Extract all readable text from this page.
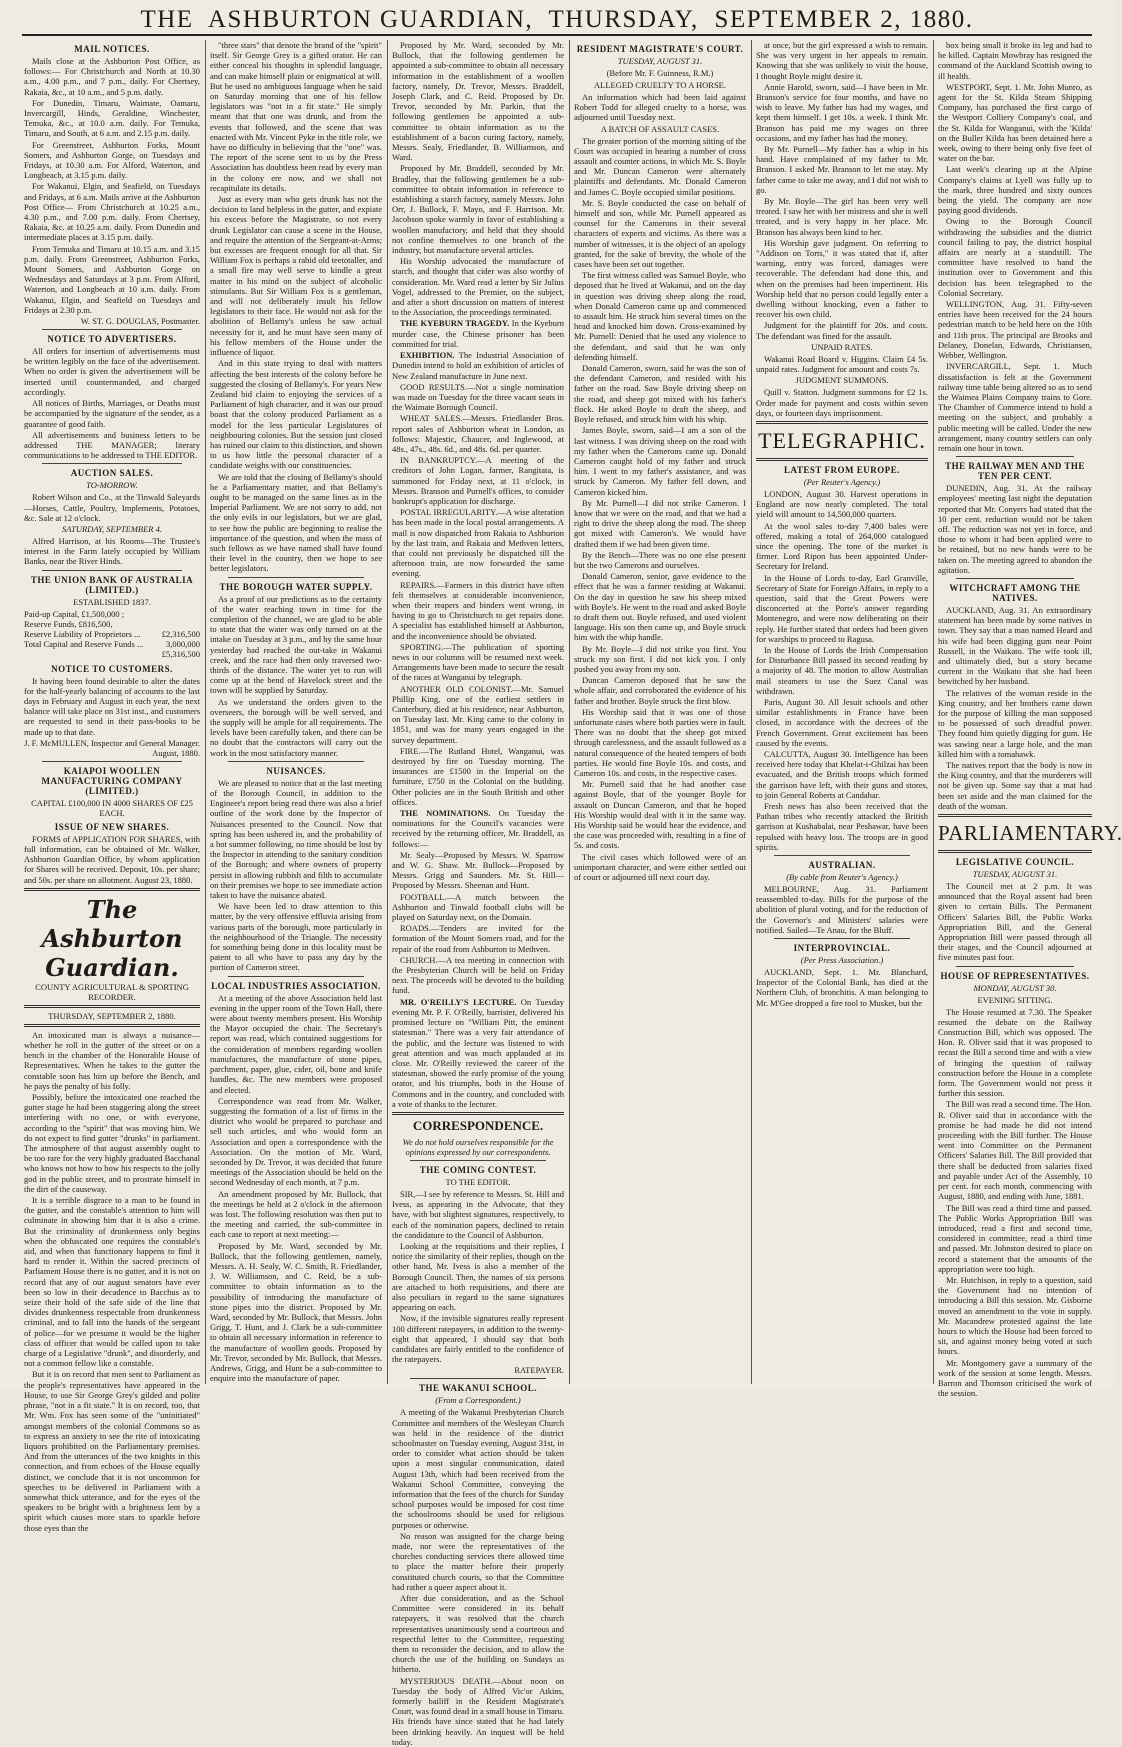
THE ASHBURTON GUARDIAN, THURSDAY, SEPTEMBER 2, 1880.
MAIL NOTICES.

Mails close at the Ashburton Post Office, as follows:— For Christchurch and North at 10.30 a.m., 4.00 p.m., and 7 p.m., daily. For Chertsey, Rakaia, &c., at 10 a.m., and 5 p.m. daily.

For Dunedin, Timaru, Waimate, Oamaru, Invercargill, Hinds, Geraldine, Winchester, Temuka, &c., at 10.0 a.m. daily. For Temuka, Timaru, and South, at 6 a.m. and 2.15 p.m. daily.

For Greenstreet, Ashburton Forks, Mount Somers, and Ashburton Gorge, on Tuesdays and Fridays, at 10.30 a.m. For Alford, Waterton, and Longbeach, at 3.15 p.m. daily.

For Wakanui, Elgin, and Seafield, on Tuesdays and Fridays, at 6 a.m. Mails arrive at the Ashburton Post Office— From Christchurch at 10.25 a.m., 4.30 p.m., and 7.00 p.m. daily. From Chertsey, Rakaia, &c. at 10.25 a.m. daily. From Dunedin and intermediate places at 3.15 p.m. daily.

From Temuka and Timaru at 10.15 a.m. and 3.15 p.m. daily. From Greenstreet, Ashburton Forks, Mount Somers, and Ashburton Gorge on Wednesdays and Saturdays at 3 p.m. From Alford, Waterton, and Longbeach at 10 a.m. daily. From Wakanui, Elgin, and Seafield on Tuesdays and Fridays at 2.30 p.m.

W. ST. G. DOUGLAS, Postmaster.
NOTICE TO ADVERTISERS.

All orders for insertion of advertisements must be written legibly on the face of the advertisement. When no order is given the advertisement will be inserted until countermanded, and charged accordingly.

All notices of Births, Marriages, or Deaths must be accompanied by the signature of the sender, as a guarantee of good faith.

All advertisements and business letters to be addressed THE MANAGER; literary communications to be addressed to THE EDITOR.

AUCTION SALES.
TO-MORROW.

Robert Wilson and Co., at the Tinwald Saleyards—Horses, Cattle, Poultry, Implements, Potatoes, &c. Sale at 12 o'clock.

SATURDAY, SEPTEMBER 4.

Alfred Harrison, at his Rooms—The Trustee's interest in the Farm lately occupied by William Banks, near the River Hinds.

THE UNION BANK OF AUSTRALIA (LIMITED.)
ESTABLISHED 1837.
Paid-up Capital, £1,500,000 ;	
Reserve Funds, £816,500,	
Reserve Liability of Proprietors ...	£2,316,500

Total Capital and Reserve Funds ...	3,000,000
	£5,316,500
NOTICE TO CUSTOMERS.

It having been found desirable to alter the dates for the half-yearly balancing of accounts to the last days in February and August in each year, the next balance will take place on 31st inst., and customers are requested to send in their pass-books to be made up to that date.

J. F. McMULLEN, Inspector and General Manager. August, 1880.
KAIAPOI WOOLLEN MANUFACTURING COMPANY (LIMITED.)
CAPITAL £100,000 IN 4000 SHARES OF £25 EACH.
ISSUE OF NEW SHARES.

FORMS of APPLICATION FOR SHARES, with full information, can be obtained of Mr. Walker, Ashburton Guardian Office, by whom application for Shares will be received. Deposit, 10s. per share; and 50s. per share on allotment. August 23, 1880.

The Ashburton Guardian.
COUNTY AGRICULTURAL & SPORTING RECORDER.
THURSDAY, SEPTEMBER 2, 1880.

An intoxicated man is always a nuisance—whether he roll in the gutter of the street or on a bench in the chamber of the Honorable House of Representatives. When he takes to the gutter the constable soon has him up before the Bench, and he pays the penalty of his folly.

Possibly, before the intoxicated one reached the gutter stage he had been staggering along the street interfering with no one, or with everyone, according to the "spirit" that was moving him. We do not expect to find gutter "drunks" in parliament. The atmosphere of that august assembly ought to be too rare for the very highly graduated Bacchanal who knows not how to bow his respects to the jolly god in the public street, and to prostrate himself in the dirt of the causeway.

It is a terrible disgrace to a man to be found in the gutter, and the constable's attention to him will culminate in showing him that it is also a crime. But the criminality of drunkenness only begins when the obfuscated one requires the constable's aid, and when that functionary happens to find it hard to render it. Within the sacred precincts of Parliament House there is no gutter, and it is not on record that any of our august senators have ever been so low in their decadence to Bacchus as to seize their hold of the safe side of the line that divides drunkenness respectable from drunkenness criminal, and to fall into the hands of the sergeant of police—for we presume it would be the higher class of officer that would be called upon to take charge of a Legislative "drunk", and disorderly, and not a common fellow like a constable.

But it is on record that men sent to Parliament as the people's representatives have appeared in the House, to use Sir George Grey's gilded and polite phrase, "not in a fit state." It is on record, too, that Mr. Wm. Fox has seen some of the "uninitiated" amongst members of the colonial Commons so as to express an anxiety to see the rite of intoxicating liquors prohibited on the Parliamentary premises. And from the utterances of the two knights in this connection, and from echoes of the House equally distinct, we conclude that it is not uncommon for speeches to be delivered in Parliament with a somewhat thick utterance, and for the eyes of the speakers to be bright with a brightness lent by a spirit which causes more stars to sparkle before those eyes than the

"three stars" that denote the brand of the "spirit" itself. Sir George Grey is a gifted orator. He can either conceal his thoughts in splendid language, and can make himself plain or enigmatical at will. But he used no ambiguous language when he said on Saturday morning that one of his fellow legislators was "not in a fit state." He simply meant that that one was drunk, and from the events that followed, and the scene that was enacted with Mr. Vincent Pyke in the title role, we have no difficulty in believing that the "one" was. The report of the scene sent to us by the Press Association has doubtless been read by every man in the colony ere now, and we shall not recapitulate its details.

Just as every man who gets drunk has not the decision to land helpless in the gutter, and expiate his excess before the Magistrate, so not every drunk Legislator can cause a scene in the House, and require the attention of the Sergeant-at-Arms; but excesses are frequent enough for all that. Sir William Fox is perhaps a rabid old teetotaller, and a small fire may well serve to kindle a great matter in his mind on the subject of alcoholic stimulants. But Sir William Fox is a gentleman, and will not deliberately insult his fellow legislators to their face. He would not ask for the abolition of Bellamy's unless he saw actual necessity for it, and he must have seen many of his fellow members of the House under the influence of liquor.

And in this state trying to deal with matters affecting the best interests of the colony before he suggested the closing of Bellamy's. For years New Zealand bid claim to enjoying the services of a Parliament of high character, and it was our proud boast that the colony produced Parliament as a model for the less particular Legislatures of neighbouring colonies. But the session just closed has ruined our claim to this distinction, and shown to us how little the personal character of a candidate weighs with our constituencies.

We are told that the closing of Bellamy's should be a Parliamentary matter, and that Bellamy's ought to be managed on the same lines as in the Imperial Parliament. We are not sorry to add, not the only evils in our legislators, but we are glad, to see how the public are beginning to realise the importance of the question, and when the mass of such fellows as we have named shall have found their level in the country, then we hope to see better legislators.

THE BOROUGH WATER SUPPLY.

As a proof of our predictions as to the certainty of the water reaching town in time for the completion of the channel, we are glad to be able to state that the water was only turned on at the intake on Tuesday at 3 p.m., and by the same hour yesterday had reached the out-take in Wakanui creek, and the race had then only traversed two-thirds of the distance. The water yet to run will come up at the bend of Havelock street and the town will be supplied by Saturday.

As we understand the orders given to the overseers, the borough will be well served, and the supply will be ample for all requirements. The levels have been carefully taken, and there can be no doubt that the contractors will carry out the work in the most satisfactory manner.

NUISANCES.

We are pleased to notice that at the last meeting of the Borough Council, in addition to the Engineer's report being read there was also a brief outline of the work done by the Inspector of Nuisances presented to the Council. Now that spring has been ushered in, and the probability of a hot summer following, no time should be lost by the Inspector in attending to the sanitary condition of the Borough; and where owners of property persist in allowing rubbish and filth to accumulate on their premises we hope to see immediate action taken to have the nuisance abated.

We have been led to draw attention to this matter, by the very offensive effluvia arising from various parts of the borough, more particularly in the neighbourhood of the Triangle. The necessity for something being done in this locality must be patent to all who have to pass any day by the portion of Cameron street.

LOCAL INDUSTRIES ASSOCIATION.

At a meeting of the above Association held last evening in the upper room of the Town Hall, there were about twenty members present. His Worship the Mayor occupied the chair. The Secretary's report was read, which contained suggestions for the consideration of members regarding woollen manufactures, the manufacture of stone pipes, parchment, paper, glue, cider, oil, bone and knife handles, &c. The new members were proposed and elected.

Correspondence was read from Mr. Walker, suggesting the formation of a list of firms in the district who would be prepared to purchase and sell such articles, and who would form an Association and open a correspondence with the Association. On the motion of Mr. Ward, seconded by Dr. Trevor, it was decided that future meetings of the Association should be held on the second Wednesday of each month, at 7 p.m.

An amendment proposed by Mr. Bullock, that the meetings be held at 2 o'clock in the afternoon was lost. The following resolution was then put to the meeting and carried, the sub-committee in each case to report at next meeting:—

Proposed by Mr. Ward, seconded by Mr. Bullock, that the following gentlemen, namely, Messrs. A. H. Sealy, W. C. Smith, R. Friedlander, J. W. Williamson, and C. Reid, be a sub-committee to obtain information as to the possibility of introducing the manufacture of stone pipes into the district. Proposed by Mr. Ward, seconded by Mr. Bullock, that Messrs. John Grigg, T. Hunt, and J. Clark be a sub-committee to obtain all necessary information in reference to the manufacture of woollen goods. Proposed by Mr. Trevor, seconded by Mr. Bullock, that Messrs. Andrews, Grigg, and Hunt be a sub-committee to enquire into the manufacture of paper.

Proposed by Mr. Ward, seconded by Mr. Bullock, that the following gentlemen be appointed a sub-committee to obtain all necessary information in the establishment of a woollen factory, namely, Dr. Trevor, Messrs. Braddell, Joseph Clark, and C. Reid. Proposed by Dr. Trevor, seconded by Mr. Parkin, that the following gentlemen be appointed a sub-committee to obtain information as to the establishment of a bacon curing factory, namely, Messrs. Sealy, Friedlander, B. Williamson, and Ward.

Proposed by Mr. Braddell, seconded by Mr. Bradley, that the following gentlemen be a sub-committee to obtain information in reference to establishing a starch factory, namely Messrs. John Orr, J. Bullock, F. Mayo, and F. Harrison. Mr. Jacobson spoke warmly in favor of establishing a woollen manufactory, and held that they should not confine themselves to one branch of the industry, but manufacture several articles.

His Worship advocated the manufacture of starch, and thought that cider was also worthy of consideration. Mr. Ward read a letter by Sir Julius Vogel, addressed to the Premier, on the subject, and after a short discussion on matters of interest to the Association, the proceedings terminated.

THE KYEBURN TRAGEDY. In the Kyeburn murder case, the Chinese prisoner has been committed for trial.

EXHIBITION. The Industrial Association of Dunedin intend to hold an exhibition of articles of New Zealand manufacture in June next.

GOOD RESULTS.—Not a single nomination was made on Tuesday for the three vacant seats in the Waimate Borough Council.

WHEAT SALES.—Messrs. Friedlander Bros. report sales of Ashburton wheat in London, as follows: Majestic, Chaucer, and Inglewood, at 48s., 47s., 48s. 6d., and 48s. 6d. per quarter.

IN BANKRUPTCY.—A meeting of the creditors of John Logan, farmer, Rangitata, is summoned for Friday next, at 11 o'clock, in Messrs. Branson and Purnell's offices, to consider bankrupt's application for discharge.

POSTAL IRREGULARITY.—A wise alteration has been made in the local postal arrangements. A mail is now dispatched from Rakaia to Ashburton by the last train, and Rakaia and Methven letters, that could not previously be dispatched till the afternoon train, are now forwarded the same evening.

REPAIRS.—Farmers in this district have often felt themselves at considerable inconvenience, when their reapers and binders went wrong, in having to go to Christchurch to get repairs done. A specialist has established himself at Ashburton, and the inconvenience should be obviated.

SPORTING.—The publication of sporting news in our columns will be resumed next week. Arrangements have been made to secure the result of the races at Wanganui by telegraph.

ANOTHER OLD COLONIST.—Mr. Samuel Phillip King, one of the earliest settlers in Canterbury, died at his residence, near Ashburton, on Tuesday last. Mr. King came to the colony in 1851, and was for many years engaged in the survey department.

FIRE.—The Rutland Hotel, Wanganui, was destroyed by fire on Tuesday morning. The insurances are £1500 in the Imperial on the furniture, £750 in the Colonial on the building. Other policies are in the South British and other offices.

THE NOMINATIONS. On Tuesday the nominations for the Council's vacancies were received by the returning officer, Mr. Braddell, as follows:—

Mr. Sealy—Proposed by Messrs. W. Sparrow and W. G. Shaw. Mr. Bullock—Proposed by Messrs. Grigg and Saunders. Mr. St. Hill—Proposed by Messrs. Sheenan and Hunt.

FOOTBALL.—A match between the Ashburton and Tinwald football clubs will be played on Saturday next, on the Domain.

ROADS.—Tenders are invited for the formation of the Mount Somers road, and for the repair of the road from Ashburton to Methven.

CHURCH.—A tea meeting in connection with the Presbyterian Church will be held on Friday next. The proceeds will be devoted to the building fund.

MR. O'REILLY'S LECTURE. On Tuesday evening Mr. P. F. O'Reilly, barrister, delivered his promised lecture on "William Pitt, the eminent statesman." There was a very fair attendance of the public, and the lecture was listened to with great attention and was much applauded at its close. Mr. O'Reilly reviewed the career of the statesman, showed the early promise of the young orator, and his triumphs, both in the House of Commons and in the country, and concluded with a vote of thanks to the lecturer.

CORRESPONDENCE.
We do not hold ourselves responsible for the opinions expressed by our correspondents.
THE COMING CONTEST.
TO THE EDITOR.

SIR,—I see by reference to Messrs. St. Hill and Ivess, as appearing in the Advocate, that they have, with but slightest signatures, respectively, to each of the nomination papers, declined to retain the candidature to the Council of Ashburton.

Looking at the requisitions and their replies, I notice the similarity of their replies, though on the other hand, Mr. Ivess is also a member of the Borough Council. Then, the names of six persons are attached to both requisitions, and there are also peculiars in regard to the same signatures appearing on each.

Now, if the invisible signatures really represent 100 different ratepayers, in addition to the twenty-eight that appeared, I should say that both candidates are fairly entitled to the confidence of the ratepayers.

RATEPAYER.
THE WAKANUI SCHOOL.
(From a Correspondent.)

A meeting of the Wakanui Presbyterian Church Committee and members of the Wesleyan Church was held in the residence of the district schoolmaster on Tuesday evening, August 31st, in order to consider what action should be taken upon a most singular communication, dated August 13th, which had been received from the Wakanui School Committee, conveying the information that the fees of the church for Sunday school purposes would be imposed for cost time the schoolrooms should be used for religious purposes or otherwise.

No reason was assigned for the charge being made, nor were the representatives of the churches conducting services there allowed time to place the matter before their properly constituted church courts, so that the Committee had rather a queer aspect about it.

After due consideration, and as the School Committee were considered in its behalf ratepayers, it was resolved that the church representatives unanimously send a courteous and respectful letter to the Committee, requesting them to reconsider the decision, and to allow the church the use of the building on Sundays as hitherto.

MYSTERIOUS DEATH.—About noon on Tuesday the body of Alfred Vic'or Atkins, formerly bailiff in the Resident Magistrate's Court, was found dead in a small house in Timaru. His friends have since stated that he had lately been drinking heavily. An inquest will be held today.

RESIDENT MAGISTRATE'S COURT.
TUESDAY, AUGUST 31.
(Before Mr. F. Guinness, R.M.)
ALLEGED CRUELTY TO A HORSE.

An information which had been laid against Robert Todd for alleged cruelty to a horse, was adjourned until Tuesday next.

A BATCH OF ASSAULT CASES.

The greater portion of the morning sitting of the Court was occupied in hearing a number of cross assault and counter actions, in which Mr. S. Boyle and Mr. Duncan Cameron were alternately plaintiffs and defendants. Mr. Donald Cameron and James C. Boyle occupied similar positions.

Mr. S. Boyle conducted the case on behalf of himself and son, while Mr. Purnell appeared as counsel for the Camerons in their several characters of experts and victims. As there was a number of witnesses, it is the object of an apology granted, for the sake of brevity, the whole of the cases have been set out together.

The first witness called was Samuel Boyle, who deposed that he lived at Wakanui, and on the day in question was driving sheep along the road, when Donald Cameron came up and commenced to assault him. He struck him several times on the head and knocked him down. Cross-examined by Mr. Purnell: Denied that he used any violence to the defendant, and said that he was only defending himself.

Donald Cameron, sworn, said he was the son of the defendant Cameron, and resided with his father on the road. Saw Boyle driving sheep on the road, and sheep got mixed with his father's flock. He asked Boyle to draft the sheep, and Boyle refused, and struck him with his whip.

James Boyle, sworn, said—I am a son of the last witness. I was driving sheep on the road with my father when the Camerons came up. Donald Cameron caught hold of my father and struck him. I went to my father's assistance, and was struck by Cameron. My father fell down, and Cameron kicked him.

By Mr. Purnell—I did not strike Cameron. I know that we were on the road, and that we had a right to drive the sheep along the road. The sheep got mixed with Cameron's. We would have drafted them if we had been given time.

By the Bench—There was no one else present but the two Camerons and ourselves.

Donald Cameron, senior, gave evidence to the effect that he was a farmer residing at Wakanui. On the day in question he saw his sheep mixed with Boyle's. He went to the road and asked Boyle to draft them out. Boyle refused, and used violent language. His son then came up, and Boyle struck him with the whip handle.

By Mr. Boyle—I did not strike you first. You struck my son first. I did not kick you. I only pushed you away from my son.

Duncan Cameron deposed that he saw the whole affair, and corroborated the evidence of his father and brother. Boyle struck the first blow.

His Worship said that it was one of those unfortunate cases where both parties were in fault. There was no doubt that the sheep got mixed through carelessness, and the assault followed as a natural consequence of the heated tempers of both parties. He would fine Boyle 10s. and costs, and Cameron 10s. and costs, in the respective cases.

Mr. Purnell said that he had another case against Boyle, that of the younger Boyle for assault on Duncan Cameron, and that he hoped His Worship would deal with it in the same way. His Worship said he would hear the evidence, and the case was proceeded with, resulting in a fine of 5s. and costs.

The civil cases which followed were of an unimportant character, and were either settled out of court or adjourned till next court day.

at once, but the girl expressed a wish to remain. She was very urgent in her appeals to remain. Knowing that she was unlikely to visit the house, I thought Boyle might desire it.

Annie Harold, sworn, said—I have been in Mr. Branson's service for four months, and have no wish to leave. My father has had my wages, and kept them himself. I get 10s. a week. I think Mr. Branson has paid me my wages on three occasions, and my father has had the money.

By Mr. Purnell—My father has a whip in his hand. Have complained of my father to Mr. Branson. I asked Mr. Branson to let me stay. My father came to take me away, and I did not wish to go.

By Mr. Boyle—The girl has been very well treated. I saw her with her mistress and she is well treated, and is very happy in her place. Mr. Branson has always been kind to her.

His Worship gave judgment. On referring to "Addison on Torts," it was stated that if, after warning, entry was forced, damages were recoverable. The defendant had done this, and when on the premises had been impertinent. His Worship held that no person could legally enter a dwelling without knocking, even a father to recover his own child.

Judgment for the plaintiff for 20s. and costs. The defendant was fined for the assault.

UNPAID RATES.

Wakanui Road Board v. Higgins. Claim £4 5s. unpaid rates. Judgment for amount and costs 7s.

JUDGMENT SUMMONS.

Quill v. Statton. Judgment summons for £2 1s. Order made for payment and costs within seven days, or fourteen days imprisonment.

TELEGRAPHIC.
LATEST FROM EUROPE.
(Per Reuter's Agency.)

LONDON, August 30. Harvest operations in England are now nearly completed. The total yield will amount to 14,500,000 quarters.

At the wool sales to-day 7,400 bales were offered, making a total of 264,000 catalogued since the opening. The tone of the market is firmer. Lord Ripon has been appointed Under-Secretary for Ireland.

In the House of Lords to-day, Earl Granville, Secretary of State for Foreign Affairs, in reply to a question, said that the Great Powers were disconcerted at the Porte's answer regarding Montenegro, and were now deliberating on their reply. He further stated that orders had been given for warships to proceed to Ragusa.

In the House of Lords the Irish Compensation for Disturbance Bill passed its second reading by a majority of 48. The motion to allow Australian mail steamers to use the Suez Canal was withdrawn.

Paris, August 30. All Jesuit schools and other similar establishments in France have been closed, in accordance with the decrees of the French Government. Great excitement has been caused by the events.

CALCUTTA, August 30. Intelligence has been received here today that Khelat-i-Ghilzai has been evacuated, and the British troops which formed the garrison have left, with their guns and stores, to join General Roberts at Candahar.

Fresh news has also been received that the Pathan tribes who recently attacked the British garrison at Kushabalai, near Peshawar, have been repulsed with heavy loss. The troops are in good spirits.

AUSTRALIAN.
(By cable from Reuter's Agency.)

MELBOURNE, Aug. 31. Parliament reassembled to-day. Bills for the purpose of the abolition of plural voting, and for the reduction of the Governor's and Ministers' salaries were notified. Sailed—Te Anau, for the Bluff.

INTERPROVINCIAL.
(Per Press Association.)

AUCKLAND, Sept. 1. Mr. Blanchard, Inspector of the Colonial Bank, has died at the Northern Club, of bronchitis. A man belonging to Mr. M'Gee dropped a fire tool to Musket, but the

box being small it broke its leg and had to be killed. Captain Mowbray has resigned the command of the Auckland Scottish owing to ill health.

WESTPORT, Sept. 1. Mr. John Munro, as agent for the St. Kilda Steam Shipping Company, has purchased the first cargo of the Westport Colliery Company's coal, and the St. Kilda for Wanganui, with the 'Kilda' on the Buller Kilda has been detained here a week, owing to there being only five feet of water on the bar.

Last week's clearing up at the Alpine Company's claims at Lyell was fully up to the mark, three hundred and sixty ounces being the yield. The company are now paying good dividends.

Owing to the Borough Council withdrawing the subsidies and the district council failing to pay, the district hospital affairs are nearly at a standstill. The committee have resolved to hand the institution over to Government and this decision has been telegraphed to the Colonial Secretary.

WELLINGTON, Aug. 31. Fifty-seven entries have been received for the 24 hours pedestrian match to be held here on the 10th and 11th prox. The principal are Brooks and Delaney, Donelan, Edwards, Christiansen, Webber, Wellington.

INVERCARGILL, Sept. 1. Much dissatisfaction is felt at the Government railway time table being altered so as to send the Waimea Plains Company trains to Gore. The Chamber of Commerce intend to hold a meeting on the subject, and probably a public meeting will be called. Under the new arrangement, many country settlers can only remain one hour in town.

THE RAILWAY MEN AND THE TEN PER CENT.

DUNEDIN, Aug. 31. At the railway employees' meeting last night the deputation reported that Mr. Conyers had stated that the 10 per cent. reduction would not be taken off. The reduction was not yet in force, and those to whom it had been applied were to be retained, but no new hands were to be taken on. The meeting agreed to abandon the agitation.

WITCHCRAFT AMONG THE NATIVES.

AUCKLAND, Aug. 31. An extraordinary statement has been made by some natives in town. They say that a man named Heard and his wife had been digging gum near Point Russell, in the Waikato. The wife took ill, and ultimately died, but a story became current in the Waikato that she had been bewitched by her husband.

The relatives of the woman reside in the King country, and her brothers came down for the purpose of killing the man supposed to be possessed of such dreadful power. They found him quietly digging for gum. He was sawing near a large hole, and the man killed him with a tomahawk.

The natives report that the body is now in the King country, and that the murderers will not be given up. Some say that a mat had been set aside and the man claimed for the death of the woman.

PARLIAMENTARY.
LEGISLATIVE COUNCIL.
TUESDAY, AUGUST 31.

The Council met at 2 p.m. It was announced that the Royal assent had been given to certain Bills. The Permanent Officers' Salaries Bill, the Public Works Appropriation Bill, and the General Appropriation Bill were passed through all their stages, and the Council adjourned at five minutes past four.

HOUSE OF REPRESENTATIVES.
MONDAY, AUGUST 30.
EVENING SITTING.

The House resumed at 7.30. The Speaker resumed the debate on the Railway Construction Bill, which was opposed. The Hon. R. Oliver said that it was proposed to recast the Bill a second time and with a view of bringing the question of railway construction before the House in a complete form. The Government would not press it further this session.

The Bill was read a second time. The Hon. R. Oliver said that in accordance with the promise he had made he did not intend proceeding with the Bill further. The House went into Committee on the Permanent Officers' Salaries Bill. The Bill provided that there shall be deducted from salaries fixed and payable under Act of the Assembly, 10 per cent. for each month, commencing with August, 1880, and ending with June, 1881.

The Bill was read a third time and passed. The Public Works Appropriation Bill was introduced, read a first and second time, considered in committee, read a third time and passed. Mr. Johnston desired to place on record a statement that the amounts of the appropriation were too high.

Mr. Hutchison, in reply to a question, said the Government had no intention of introducing a Bill this session. Mr. Gisborne moved an amendment to the vote in supply. Mr. Macandrew protested against the late hours to which the House had been forced to sit, and against money being voted at such hours.

Mr. Montgomery gave a summary of the work of the session at some length. Messrs. Barron and Thomson criticised the work of the session.
